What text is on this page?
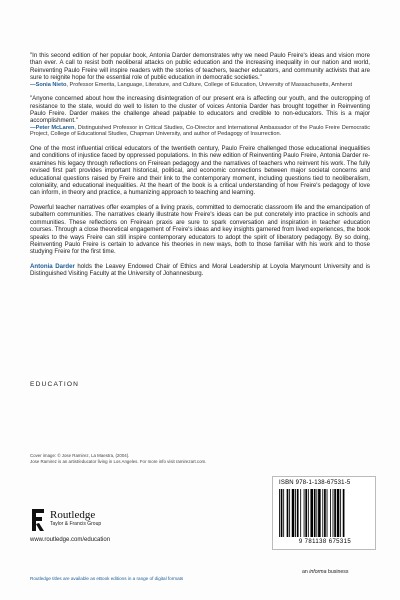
"In this second edition of her popular book, Antonia Darder demonstrates why we need Paulo Freire's ideas and vision more than ever. A call to resist both neoliberal attacks on public education and the increasing inequality in our nation and world, Reinventing Paulo Freire will inspire readers with the stories of teachers, teacher educators, and community activists that are sure to reignite hope for the essential role of public education in democratic societies."
—Sonia Nieto, Professor Emerita, Language, Literature, and Culture, College of Education, University of Massachusetts, Amherst

"Anyone concerned about how the increasing disintegration of our present era is affecting our youth, and the outcropping of resistance to the state, would do well to listen to the cluster of voices Antonia Darder has brought together in Reinventing Paulo Freire. Darder makes the challenge ahead palpable to educators and credible to non-educators. This is a major accomplishment."
—Peter McLaren, Distinguished Professor in Critical Studies, Co-Director and International Ambassador of the Paulo Freire Democratic Project, College of Educational Studies, Chapman University, and author of Pedagogy of Insurrection.

One of the most influential critical educators of the twentieth century, Paulo Freire challenged those educational inequalities and conditions of injustice faced by oppressed populations. In this new edition of Reinventing Paulo Freire, Antonia Darder re-examines his legacy through reflections on Freirean pedagogy and the narratives of teachers who reinvent his work. The fully revised first part provides important historical, political, and economic connections between major societal concerns and educational questions raised by Freire and their link to the contemporary moment, including questions tied to neoliberalism, coloniality, and educational inequalities. At the heart of the book is a critical understanding of how Freire's pedagogy of love can inform, in theory and practice, a humanizing approach to teaching and learning.

Powerful teacher narratives offer examples of a living praxis, committed to democratic classroom life and the emancipation of subaltern communities. The narratives clearly illustrate how Freire's ideas can be put concretely into practice in schools and communities. These reflections on Freirean praxis are sure to spark conversation and inspiration in teacher education courses. Through a close theoretical engagement of Freire's ideas and key insights garnered from lived experiences, the book speaks to the ways Freire can still inspire contemporary educators to adopt the spirit of liberatory pedagogy. By so doing, Reinventing Paulo Freire is certain to advance his theories in new ways, both to those familiar with his work and to those studying Freire for the first time.

Antonia Darder holds the Leavey Endowed Chair of Ethics and Moral Leadership at Loyola Marymount University and is Distinguished Visiting Faculty at the University of Johannesburg.

EDUCATION
Cover image: © Jose Ramirez, La Maestra, (2004).
Jose Ramirez is an artist/educator living in Los Angeles. For more info visit ramirezart.com.
ISBN 978-1-138-67531-5
9 781138 675315
Routledge
Taylor & Francis Group
www.routledge.com/education
an informa business
Routledge titles are available as eBook editions in a range of digital formats
